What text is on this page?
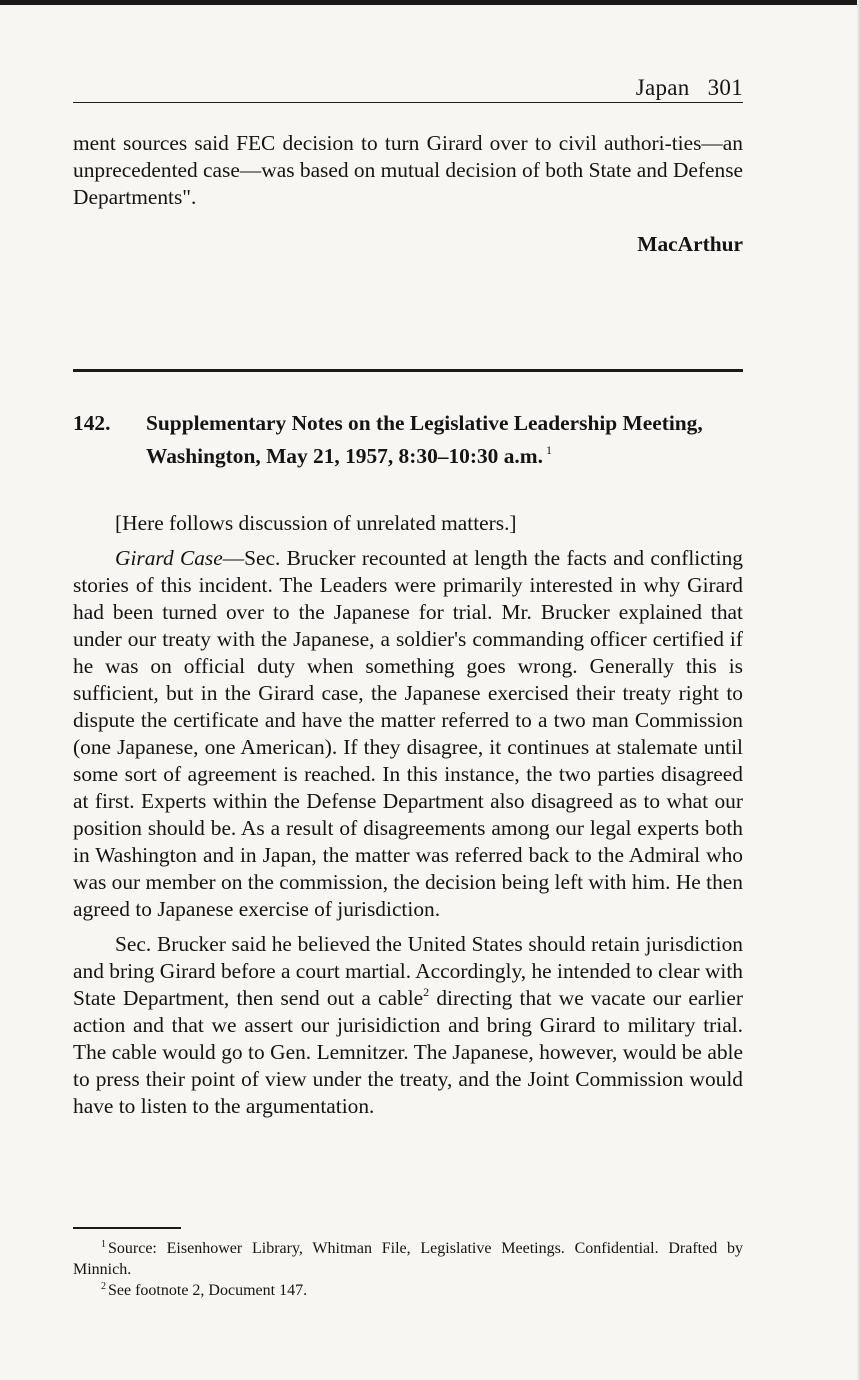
Japan 301

ment sources said FEC decision to turn Girard over to civil authori-ties—an unprecedented case—was based on mutual decision of both State and Defense Departments".

MacArthur
142. Supplementary Notes on the Legislative Leadership Meeting, Washington, May 21, 1957, 8:30–10:30 a.m. $^1$

[Here follows discussion of unrelated matters.]

Girard Case—Sec. Brucker recounted at length the facts and conflicting stories of this incident. The Leaders were primarily interested in why Girard had been turned over to the Japanese for trial. Mr. Brucker explained that under our treaty with the Japanese, a soldier's commanding officer certified if he was on official duty when something goes wrong. Generally this is sufficient, but in the Girard case, the Japanese exercised their treaty right to dispute the certificate and have the matter referred to a two man Commission (one Japanese, one American). If they disagree, it continues at stalemate until some sort of agreement is reached. In this instance, the two parties disagreed at first. Experts within the Defense Department also disagreed as to what our position should be. As a result of disagreements among our legal experts both in Washington and in Japan, the matter was referred back to the Admiral who was our member on the commission, the decision being left with him. He then agreed to Japanese exercise of jurisdiction.

Sec. Brucker said he believed the United States should retain jurisdiction and bring Girard before a court martial. Accordingly, he intended to clear with State Department, then send out a cable$^2$ directing that we vacate our earlier action and that we assert our jurisidiction and bring Girard to military trial. The cable would go to Gen. Lemnitzer. The Japanese, however, would be able to press their point of view under the treaty, and the Joint Commission would have to listen to the argumentation.

$^1$ Source: Eisenhower Library, Whitman File, Legislative Meetings. Confidential. Drafted by Minnich.

$^2$ See footnote 2, Document 147.
